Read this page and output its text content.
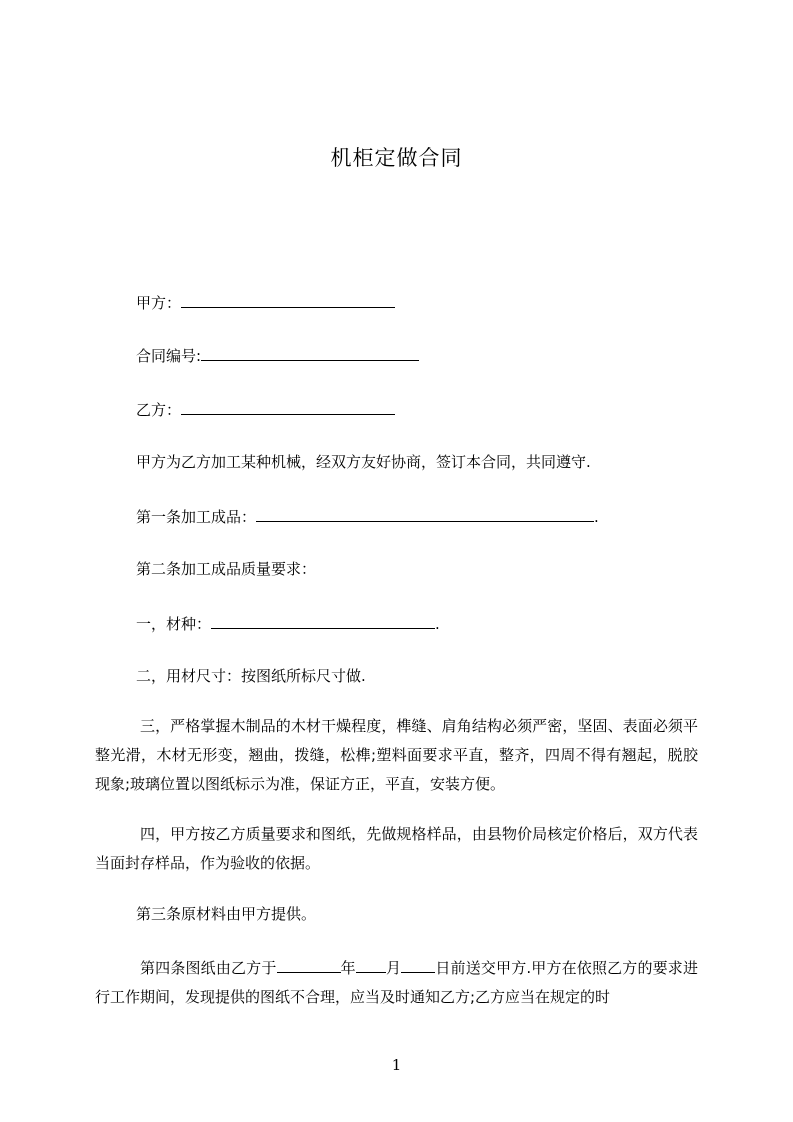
机柜定做合同
甲方：
合同编号:
乙方：
甲方为乙方加工某种机械，经双方友好协商，签订本合同，共同遵守.
第一条加工成品：	.
第二条加工成品质量要求：
一，材种：	.
二，用材尺寸：按图纸所标尺寸做.
三，严格掌握木制品的木材干燥程度，榫缝、肩角结构必须严密，坚固、表面必须平整光滑，木材无形变，翘曲，拨缝，松榫;塑料面要求平直，整齐，四周不得有翘起，脱胶现象;玻璃位置以图纸标示为准，保证方正，平直，安装方便。
四，甲方按乙方质量要求和图纸，先做规格样品，由县物价局核定价格后，双方代表当面封存样品，作为验收的依据。
第三条原材料由甲方提供。
第四条图纸由乙方于	年 月 日前送交甲方.甲方在依照乙方的要求进行工作期间，发现提供的图纸不合理，应当及时通知乙方;乙方应当在规定的时
1
